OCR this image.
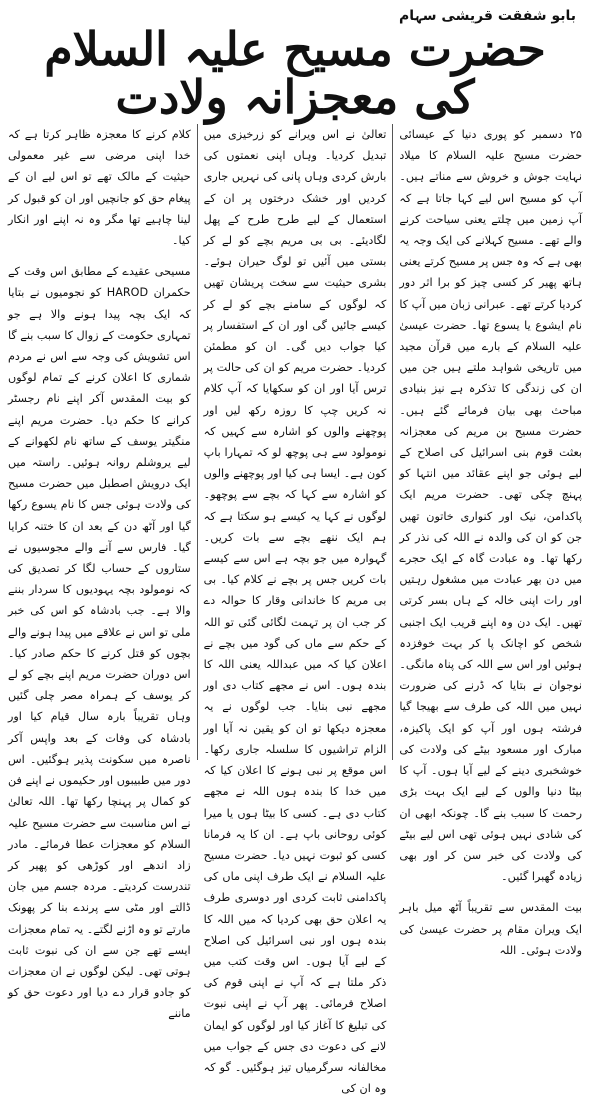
بابو شفقت قریشی سہام
حضرت مسیح علیہ السلام کی معجزانہ ولادت

۲۵ دسمبر کو پوری دنیا کے عیسائی حضرت مسیح علیہ السلام کا میلاد نہایت جوش و خروش سے مناتے ہیں۔ آپ کو مسیح اس لیے کہا جاتا ہے کہ آپ زمین میں چلتے یعنی سیاحت کرنے والے تھے۔ مسیح کہلانے کی ایک وجہ یہ بھی ہے کہ وہ جس پر مسیح کرتے یعنی ہاتھ پھیر کر کسی چیز کو برا اثر دور کردیا کرتے تھے۔ عبرانی زبان میں آپ کا نام ایشوع یا یسوع تھا۔ حضرت عیسیٰ علیہ السلام کے بارے میں قرآن مجید میں تاریخی شواہد ملتے ہیں جن میں ان کی زندگی کا تذکرہ ہے نیز بنیادی مباحث بھی بیان فرمائے گئے ہیں۔ حضرت مسیح بن مریم کی معجزانہ بعثت قوم بنی اسرائیل کی اصلاح کے لیے ہوئی جو اپنے عقائد میں انتہا کو پہنچ چکی تھی۔ حضرت مریم ایک پاکدامن، نیک اور کنواری خاتون تھیں جن کو ان کی والدہ نے اللہ کی نذر کر رکھا تھا۔ وہ عبادت گاہ کے ایک حجرے میں دن بھر عبادت میں مشغول رہتیں اور رات اپنی خالہ کے ہاں بسر کرتی تھیں۔ ایک دن وہ اپنے قریب ایک اجنبی شخص کو اچانک پا کر بہت خوفزدہ ہوئیں اور اس سے اللہ کی پناہ مانگی۔ نوجوان نے بتایا کہ ڈرنے کی ضرورت نہیں میں اللہ کی طرف سے بھیجا گیا فرشتہ ہوں اور آپ کو ایک پاکیزہ، مبارک اور مسعود بیٹے کی ولادت کی خوشخبری دینے کے لیے آیا ہوں۔ آپ کا بیٹا دنیا والوں کے لیے ایک بہت بڑی رحمت کا سبب بنے گا۔ چونکہ ابھی ان کی شادی نہیں ہوئی تھی اس لیے بیٹے کی ولادت کی خبر سن کر اور بھی زیادہ گھبرا گئیں۔

بیت المقدس سے تقریباً آٹھ میل باہر ایک ویران مقام پر حضرت عیسیٰ کی ولادت ہوئی۔ اللہ

تعالیٰ نے اس ویرانے کو زرخیزی میں تبدیل کردیا۔ وہاں اپنی نعمتوں کی بارش کردی وہاں پانی کی نہریں جاری کردیں اور خشک درختوں پر ان کے استعمال کے لیے طرح طرح کے پھل لگادیئے۔ بی بی مریم بچے کو لے کر بستی میں آئیں تو لوگ حیران ہوئے۔ بشری حیثیت سے سخت پریشان تھیں کہ لوگوں کے سامنے بچے کو لے کر کیسے جائیں گی اور ان کے استفسار پر کیا جواب دیں گی۔ ان کو مطمئن کردیا۔ حضرت مریم کو ان کی حالت پر ترس آیا اور ان کو سکھایا کہ آپ کلام نہ کریں چپ کا روزہ رکھ لیں اور پوچھنے والوں کو اشارہ سے کہیں کہ نومولود سے ہی پوچھ لو کہ تمہارا باپ کون ہے۔ ایسا ہی کیا اور پوچھنے والوں کو اشارہ سے کہا کہ بچے سے پوچھو۔ لوگوں نے کہا یہ کیسے ہو سکتا ہے کہ ہم ایک ننھے بچے سے بات کریں۔ گہوارہ میں جو بچہ ہے اس سے کیسے بات کریں جس پر بچے نے کلام کیا۔ بی بی مریم کا خاندانی وقار کا حوالہ دے کر جب ان پر تہمت لگائی گئی تو اللہ کے حکم سے ماں کی گود میں بچے نے اعلان کیا کہ میں عبداللہ یعنی اللہ کا بندہ ہوں۔ اس نے مجھے کتاب دی اور مجھے نبی بنایا۔ جب لوگوں نے یہ معجزہ دیکھا تو ان کو یقین نہ آیا اور الزام تراشیوں کا سلسلہ جاری رکھا۔ اس موقع پر نبی ہونے کا اعلان کیا کہ میں خدا کا بندہ ہوں اللہ نے مجھے کتاب دی ہے۔ کسی کا بیٹا ہوں یا میرا کوئی روحانی باپ ہے۔ ان کا یہ فرمانا کسی کو ثبوت نہیں دیا۔ حضرت مسیح علیہ السلام نے ایک طرف اپنی ماں کی پاکدامنی ثابت کردی اور دوسری طرف یہ اعلان حق بھی کردیا کہ میں اللہ کا بندہ ہوں اور نبی اسرائیل کی اصلاح کے لیے آیا ہوں۔ اس وقت کتب میں ذکر ملتا ہے کہ آپ نے اپنی قوم کی اصلاح فرمائی۔ پھر آپ نے اپنی نبوت کی تبلیغ کا آغاز کیا اور لوگوں کو ایمان لانے کی دعوت دی جس کے جواب میں مخالفانہ سرگرمیاں تیز ہوگئیں۔ گو کہ وہ ان کی

کلام کرنے کا معجزہ ظاہر کرتا ہے کہ خدا اپنی مرضی سے غیر معمولی حیثیت کے مالک تھے تو اس لیے ان کے پیغام حق کو جانچیں اور ان کو قبول کر لینا چاہیے تھا مگر وہ نہ اپنے اور انکار کیا۔

مسیحی عقیدے کے مطابق اس وقت کے حکمران HAROD کو نجومیوں نے بتایا کہ ایک بچہ پیدا ہونے والا ہے جو تمہاری حکومت کے زوال کا سبب بنے گا اس تشویش کی وجہ سے اس نے مردم شماری کا اعلان کرنے کے تمام لوگوں کو بیت المقدس آکر اپنے نام رجسٹر کرانے کا حکم دیا۔ حضرت مریم اپنے منگیتر یوسف کے ساتھ نام لکھوانے کے لیے یروشلم روانہ ہوئیں۔ راستہ میں ایک درویش اصطبل میں حضرت مسیح کی ولادت ہوئی جس کا نام یسوع رکھا گیا اور آٹھ دن کے بعد ان کا ختنہ کرایا گیا۔ فارس سے آنے والے مجوسیوں نے ستاروں کے حساب لگا کر تصدیق کی کہ نومولود بچہ یہودیوں کا سردار بننے والا ہے۔ جب بادشاہ کو اس کی خبر ملی تو اس نے علاقے میں پیدا ہونے والے بچوں کو قتل کرنے کا حکم صادر کیا۔ اس دوران حضرت مریم اپنے بچے کو لے کر یوسف کے ہمراہ مصر چلی گئیں وہاں تقریباً بارہ سال قیام کیا اور بادشاہ کی وفات کے بعد واپس آکر ناصرہ میں سکونت پذیر ہوگئیں۔ اس دور میں طبیبوں اور حکیموں نے اپنے فن کو کمال پر پہنچا رکھا تھا۔ اللہ تعالیٰ نے اس مناسبت سے حضرت مسیح علیہ السلام کو معجزات عطا فرمائے۔ مادر زاد اندھے اور کوڑھی کو پھیر کر تندرست کردیتے۔ مردہ جسم میں جان ڈالتے اور مٹی سے پرندے بنا کر پھونک مارتے تو وہ اڑنے لگتے۔ یہ تمام معجزات ایسے تھے جن سے ان کی نبوت ثابت ہوتی تھی۔ لیکن لوگوں نے ان معجزات کو جادو قرار دے دیا اور دعوت حق کو ماننے
